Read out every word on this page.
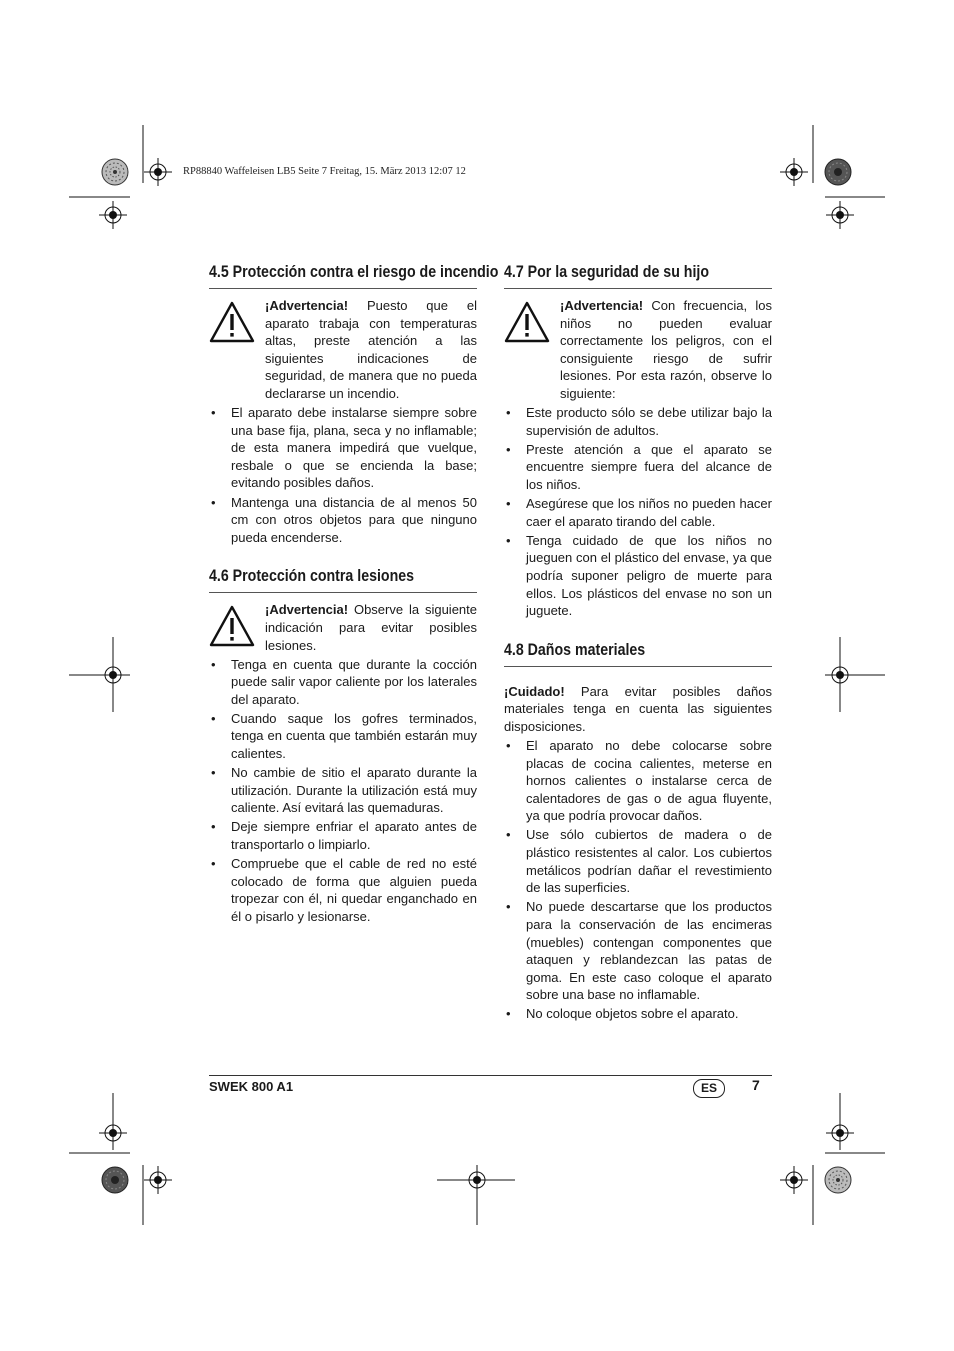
RP88840 Waffeleisen LB5 Seite 7 Freitag, 15. März 2013 12:07 12
4.5 Protección contra el riesgo de incendio

¡Advertencia! Puesto que el aparato trabaja con temperaturas altas, preste atención a las siguientes indicaciones de seguridad, de manera que no pueda declararse un incendio.

• El aparato debe instalarse siempre sobre una base fija, plana, seca y no inflamable; de esta manera impedirá que vuelque, resbale o que se encienda la base; evitando posibles daños.
• Mantenga una distancia de al menos 50 cm con otros objetos para que ninguno pueda encenderse.
4.6 Protección contra lesiones

¡Advertencia! Observe la siguiente indicación para evitar posibles lesiones.

• Tenga en cuenta que durante la cocción puede salir vapor caliente por los laterales del aparato.
• Cuando saque los gofres terminados, tenga en cuenta que también estarán muy calientes.
• No cambie de sitio el aparato durante la utilización. Durante la utilización está muy caliente. Así evitará las quemaduras.
• Deje siempre enfriar el aparato antes de transportarlo o limpiarlo.
• Compruebe que el cable de red no esté colocado de forma que alguien pueda tropezar con él, ni quedar enganchado en él o pisarlo y lesionarse.
4.7 Por la seguridad de su hijo

¡Advertencia! Con frecuencia, los niños no pueden evaluar correctamente los peligros, con el consiguiente riesgo de sufrir lesiones. Por esta razón, observe lo siguiente:

• Este producto sólo se debe utilizar bajo la supervisión de adultos.
• Preste atención a que el aparato se encuentre siempre fuera del alcance de los niños.
• Asegúrese que los niños no pueden hacer caer el aparato tirando del cable.
• Tenga cuidado de que los niños no jueguen con el plástico del envase, ya que podría suponer peligro de muerte para ellos. Los plásticos del envase no son un juguete.
4.8 Daños materiales

¡Cuidado! Para evitar posibles daños materiales tenga en cuenta las siguientes disposiciones.

• El aparato no debe colocarse sobre placas de cocina calientes, meterse en hornos calientes o instalarse cerca de calentadores de gas o de agua fluyente, ya que podría provocar daños.
• Use sólo cubiertos de madera o de plástico resistentes al calor. Los cubiertos metálicos podrían dañar el revestimiento de las superficies.
• No puede descartarse que los productos para la conservación de las encimeras (muebles) contengan componentes que ataquen y reblandezcan las patas de goma. En este caso coloque el aparato sobre una base no inflamable.
• No coloque objetos sobre el aparato.
SWEK 800 A1	ES	7
